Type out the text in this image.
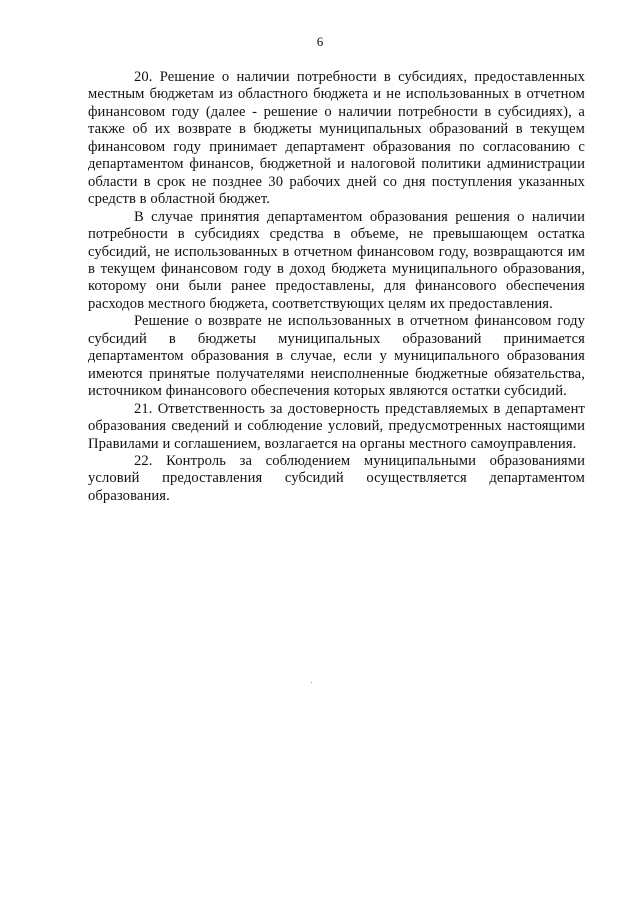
6

20. Решение о наличии потребности в субсидиях, предоставленных местным бюджетам из областного бюджета и не использованных в отчетном финансовом году (далее - решение о наличии потребности в субсидиях), а также об их возврате в бюджеты муниципальных образований в текущем финансовом году принимает департамент образования по согласованию с департаментом финансов, бюджетной и налоговой политики администрации области в срок не позднее 30 рабочих дней со дня поступления указанных средств в областной бюджет.

В случае принятия департаментом образования решения о наличии потребности в субсидиях средства в объеме, не превышающем остатка субсидий, не использованных в отчетном финансовом году, возвращаются им в текущем финансовом году в доход бюджета муниципального образования, которому они были ранее предоставлены, для финансового обеспечения расходов местного бюджета, соответствующих целям их предоставления.

Решение о возврате не использованных в отчетном финансовом году субсидий в бюджеты муниципальных образований принимается департаментом образования в случае, если у муниципального образования имеются принятые получателями неисполненные бюджетные обязательства, источником финансового обеспечения которых являются остатки субсидий.

21. Ответственность за достоверность представляемых в департамент образования сведений и соблюдение условий, предусмотренных настоящими Правилами и соглашением, возлагается на органы местного самоуправления.

22. Контроль за соблюдением муниципальными образованиями условий предоставления субсидий осуществляется департаментом образования.
